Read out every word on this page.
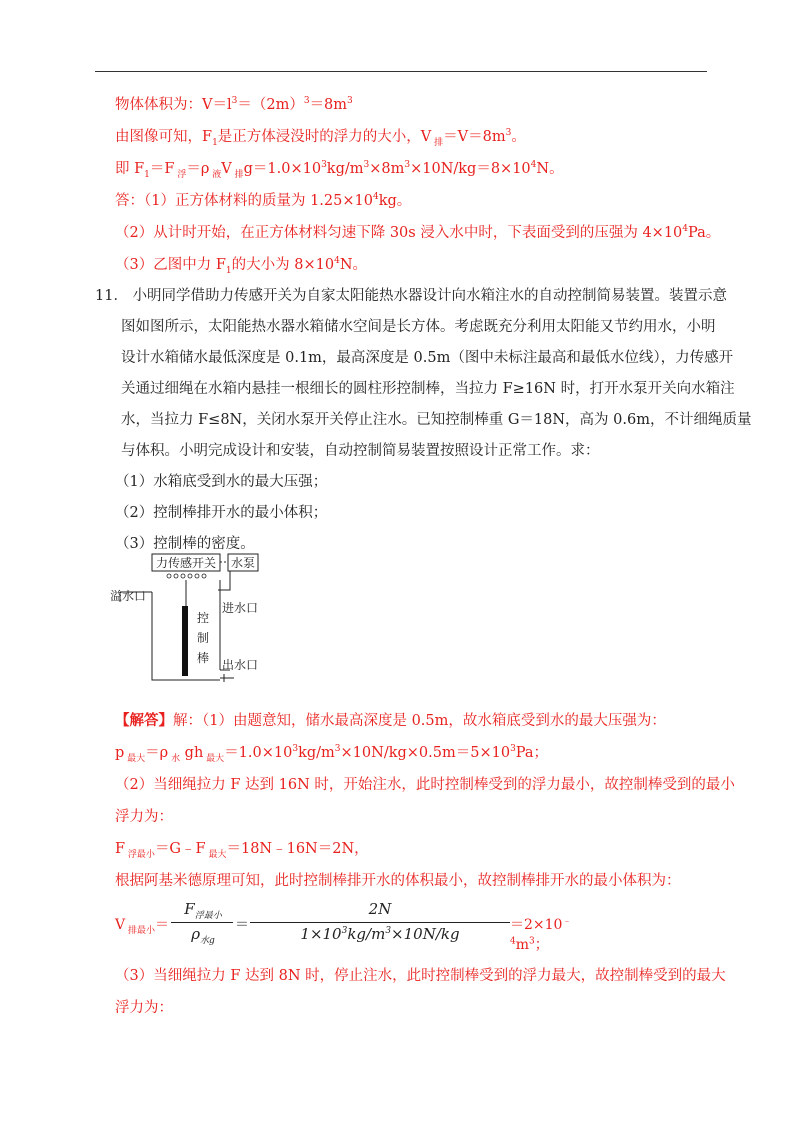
物体体积为：$V=l^3=(2m)^3=8m^3$
由图像可知，$F_1$是正方体浸没时的浮力的大小，V $_排=V=8m^3$。
即 $F_1=F$ $_浮$＝ρ $_液$V $_排g=1.0\times 10^3kg/m^3\times 8m^3\times 10N/kg=8\times 10^4N$。
答：（1）正方体材料的质量为 $1.25\times 10^4kg$。
（2）从计时开始，在正方体材料匀速下降 30s 浸入水中时，下表面受到的压强为 $4\times 10^4Pa$。
（3）乙图中力 $F_1$的大小为 $8\times 10^4N$。
11． 小明同学借助力传感开关为自家太阳能热水器设计向水箱注水的自动控制简易装置。装置示意
图如图所示，太阳能热水器水箱储水空间是长方体。考虑既充分利用太阳能又节约用水，小明
设计水箱储水最低深度是 0.1m，最高深度是 0.5m（图中未标注最高和最低水位线），力传感开
关通过细绳在水箱内悬挂一根细长的圆柱形控制棒，当拉力 F≥16N 时，打开水泵开关向水箱注
水，当拉力 F≤8N，关闭水泵开关停止注水。已知控制棒重 G＝18N，高为 0.6m，不计细绳质量
与体积。小明完成设计和安装，自动控制简易装置按照设计正常工作。求：
（1）水箱底受到水的最大压强；
（2）控制棒排开水的最小体积；
（3）控制棒的密度。
力传感开关 水泵
控
制
棒
溢水口
进水口
出水口
【解答】解：（1）由题意知，储水最高深度是 0.5m，故水箱底受到水的最大压强为：
p $_{最大}$＝ρ $_水$ gh $_{最大}=1.0\times 10^3kg/m^3\times 10N/kg\times 0.5m=5\times 10^3Pa$；
（2）当细绳拉力 F 达到 16N 时，开始注水，此时控制棒受到的浮力最小，故控制棒受到的最小
浮力为：
F $_{浮最小}$＝G﹣F $_{最大}$＝18N﹣16N＝2N，
根据阿基米德原理可知，此时控制棒排开水的体积最小，故控制棒排开水的最小体积为：
V $_{排最小}$＝
$F_{浮最小}$
$\rho_{水g}$
＝
2N
$1\times 10^3kg/m^3\times 10N/kg$	$=2\times 10^{﹣4}m^3$；
（3）当细绳拉力 F 达到 8N 时，停止注水，此时控制棒受到的浮力最大，故控制棒受到的最大
浮力为：
